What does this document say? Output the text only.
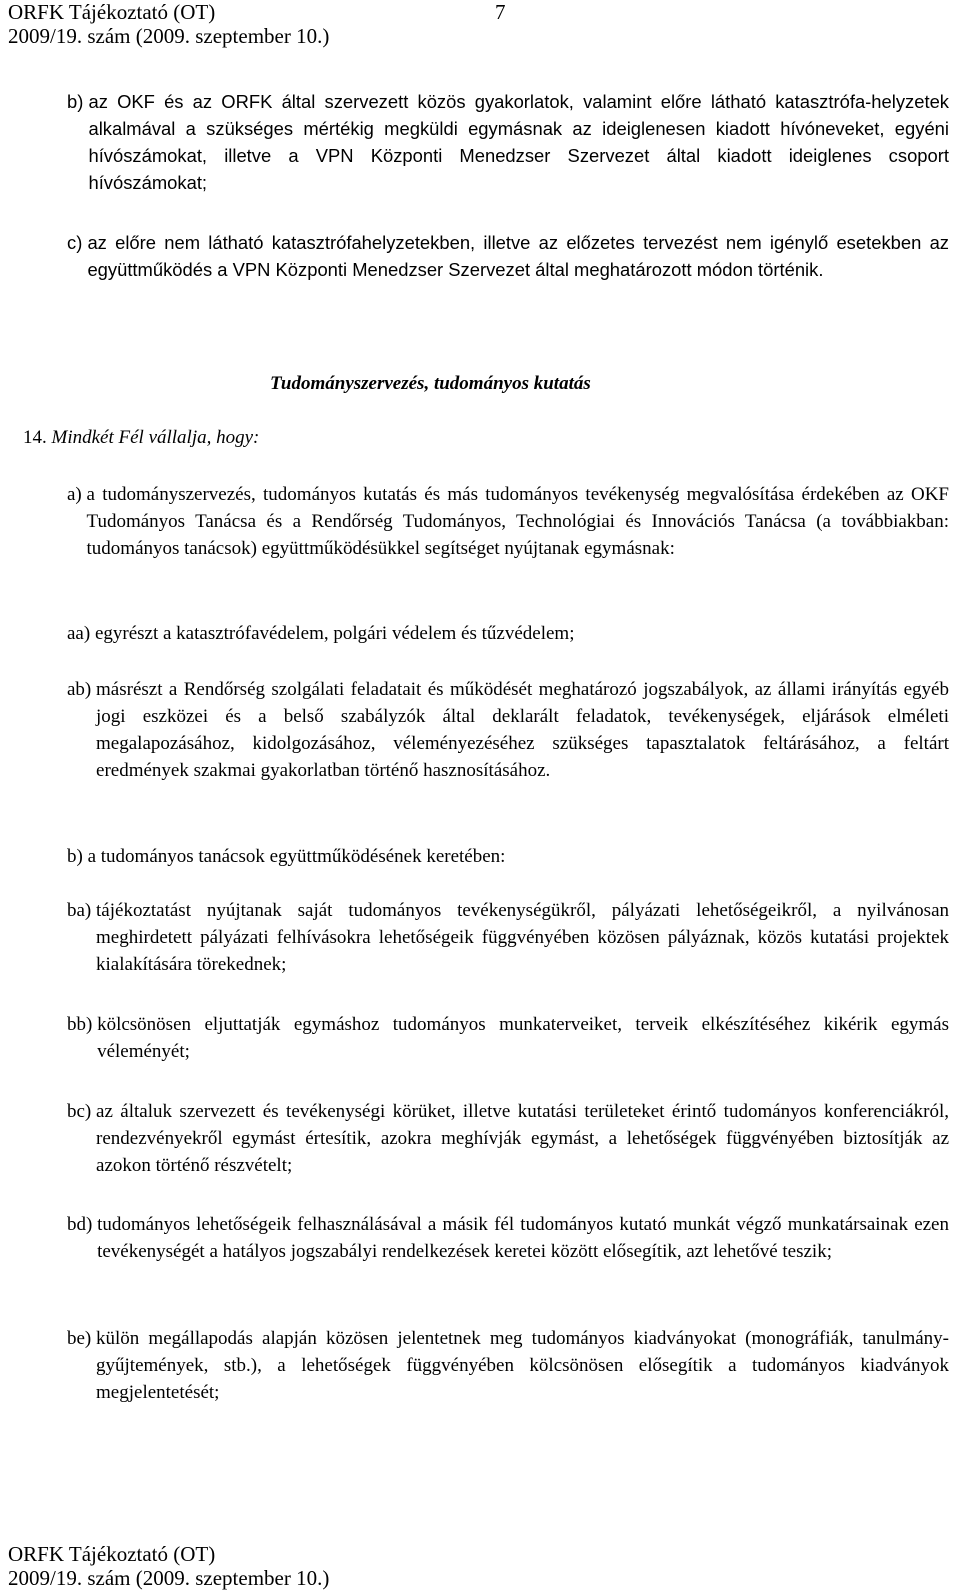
ORFK Tájékoztató (OT)	7
2009/19. szám (2009. szeptember 10.)
b) az OKF és az ORFK által szervezett közös gyakorlatok, valamint előre látható katasztrófa-helyzetek alkalmával a szükséges mértékig megküldi egymásnak az ideiglenesen kiadott hívóneveket, egyéni hívószámokat, illetve a VPN Központi Menedzser Szervezet által kiadott ideiglenes csoport hívószámokat;
c) az előre nem látható katasztrófahelyzetekben, illetve az előzetes tervezést nem igénylő esetekben az együttműködés a VPN Központi Menedzser Szervezet által meghatározott módon történik.
Tudományszervezés, tudományos kutatás
14. Mindkét Fél vállalja, hogy:
a) a tudományszervezés, tudományos kutatás és más tudományos tevékenység megvalósítása érdekében az OKF Tudományos Tanácsa és a Rendőrség Tudományos, Technológiai és Innovációs Tanácsa (a továbbiakban: tudományos tanácsok) együttműködésükkel segítséget nyújtanak egymásnak:
aa) egyrészt a katasztrófavédelem, polgári védelem és tűzvédelem;
ab) másrészt a Rendőrség szolgálati feladatait és működését meghatározó jogszabályok, az állami irányítás egyéb jogi eszközei és a belső szabályzók által deklarált feladatok, tevékenységek, eljárások elméleti megalapozásához, kidolgozásához, véleményezéséhez szükséges tapasztalatok feltárásához, a feltárt eredmények szakmai gyakorlatban történő hasznosításához.
b) a tudományos tanácsok együttműködésének keretében:
ba) tájékoztatást nyújtanak saját tudományos tevékenységükről, pályázati lehetőségeikről, a nyilvánosan meghirdetett pályázati felhívásokra lehetőségeik függvényében közösen pályáznak, közös kutatási projektek kialakítására törekednek;
bb) kölcsönösen eljuttatják egymáshoz tudományos munkaterveiket, terveik elkészítéséhez kikérik egymás véleményét;
bc) az általuk szervezett és tevékenységi körüket, illetve kutatási területeket érintő tudományos konferenciákról, rendezvényekről egymást értesítik, azokra meghívják egymást, a lehetőségek függvényében biztosítják az azokon történő részvételt;
bd) tudományos lehetőségeik felhasználásával a másik fél tudományos kutató munkát végző munkatársainak ezen tevékenységét a hatályos jogszabályi rendelkezések keretei között elősegítik, azt lehetővé teszik;
be) külön megállapodás alapján közösen jelentetnek meg tudományos kiadványokat (monográfiák, tanulmány-gyűjtemények, stb.), a lehetőségek függvényében kölcsönösen elősegítik a tudományos kiadványok megjelentetését;
ORFK Tájékoztató (OT)
2009/19. szám (2009. szeptember 10.)
